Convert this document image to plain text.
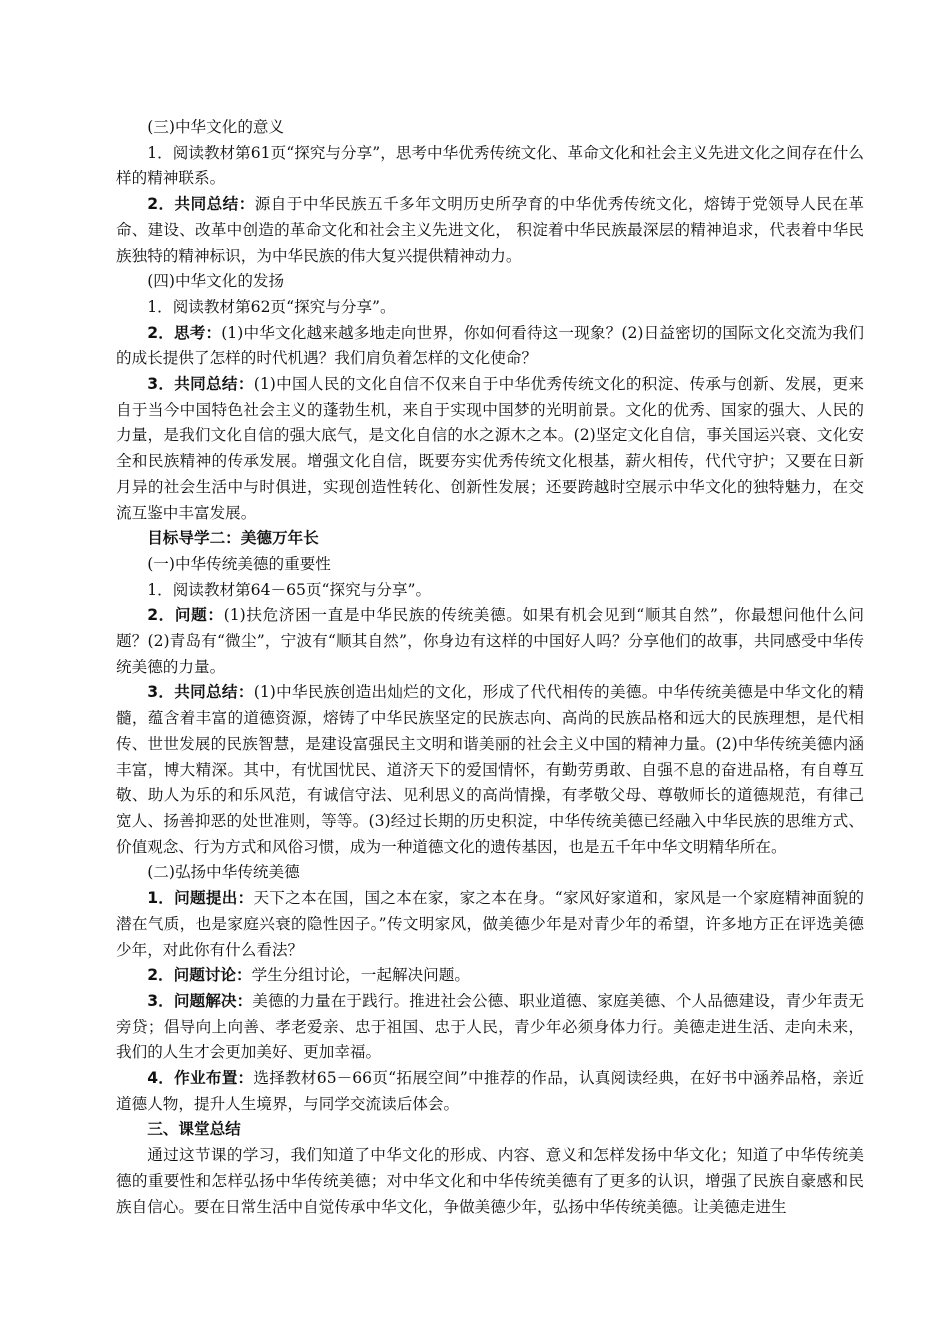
(三)中华文化的意义

1．阅读教材第61页“探究与分享”，思考中华优秀传统文化、革命文化和社会主义先进文化之间存在什么样的精神联系。

2．共同总结：源自于中华民族五千多年文明历史所孕育的中华优秀传统文化，熔铸于党领导人民在革命、建设、改革中创造的革命文化和社会主义先进文化， 积淀着中华民族最深层的精神追求，代表着中华民族独特的精神标识，为中华民族的伟大复兴提供精神动力。

(四)中华文化的发扬

1．阅读教材第62页“探究与分享”。

2．思考：(1)中华文化越来越多地走向世界，你如何看待这一现象？(2)日益密切的国际文化交流为我们的成长提供了怎样的时代机遇？我们肩负着怎样的文化使命？

3．共同总结：(1)中国人民的文化自信不仅来自于中华优秀传统文化的积淀、传承与创新、发展，更来自于当今中国特色社会主义的蓬勃生机，来自于实现中国梦的光明前景。文化的优秀、国家的强大、人民的力量，是我们文化自信的强大底气，是文化自信的水之源木之本。(2)坚定文化自信，事关国运兴衰、文化安全和民族精神的传承发展。增强文化自信，既要夯实优秀传统文化根基，薪火相传，代代守护；又要在日新月异的社会生活中与时俱进，实现创造性转化、创新性发展；还要跨越时空展示中华文化的独特魅力，在交流互鉴中丰富发展。

目标导学二：美德万年长

(一)中华传统美德的重要性

1．阅读教材第64－65页“探究与分享”。

2．问题：(1)扶危济困一直是中华民族的传统美德。如果有机会见到“顺其自然”，你最想问他什么问题？(2)青岛有“微尘”，宁波有“顺其自然”，你身边有这样的中国好人吗？分享他们的故事，共同感受中华传统美德的力量。

3．共同总结：(1)中华民族创造出灿烂的文化，形成了代代相传的美德。中华传统美德是中华文化的精髓，蕴含着丰富的道德资源，熔铸了中华民族坚定的民族志向、高尚的民族品格和远大的民族理想，是代相传、世世发展的民族智慧，是建设富强民主文明和谐美丽的社会主义中国的精神力量。(2)中华传统美德内涵丰富，博大精深。其中，有忧国忧民、道济天下的爱国情怀，有勤劳勇敢、自强不息的奋进品格，有自尊互敬、助人为乐的和乐风范，有诚信守法、见利思义的高尚情操，有孝敬父母、尊敬师长的道德规范，有律己宽人、扬善抑恶的处世准则，等等。(3)经过长期的历史积淀，中华传统美德已经融入中华民族的思维方式、价值观念、行为方式和风俗习惯，成为一种道德文化的遗传基因，也是五千年中华文明精华所在。

(二)弘扬中华传统美德

1．问题提出：天下之本在国，国之本在家，家之本在身。“家风好家道和，家风是一个家庭精神面貌的潜在气质，也是家庭兴衰的隐性因子。”传文明家风，做美德少年是对青少年的希望，许多地方正在评选美德少年，对此你有什么看法？

2．问题讨论：学生分组讨论，一起解决问题。

3．问题解决：美德的力量在于践行。推进社会公德、职业道德、家庭美德、个人品德建设，青少年责无旁贷；倡导向上向善、孝老爱亲、忠于祖国、忠于人民，青少年必须身体力行。美德走进生活、走向未来，我们的人生才会更加美好、更加幸福。

4．作业布置：选择教材65－66页“拓展空间”中推荐的作品，认真阅读经典，在好书中涵养品格，亲近道德人物，提升人生境界，与同学交流读后体会。

三、课堂总结

通过这节课的学习，我们知道了中华文化的形成、内容、意义和怎样发扬中华文化；知道了中华传统美德的重要性和怎样弘扬中华传统美德；对中华文化和中华传统美德有了更多的认识，增强了民族自豪感和民族自信心。要在日常生活中自觉传承中华文化，争做美德少年，弘扬中华传统美德。让美德走进生
